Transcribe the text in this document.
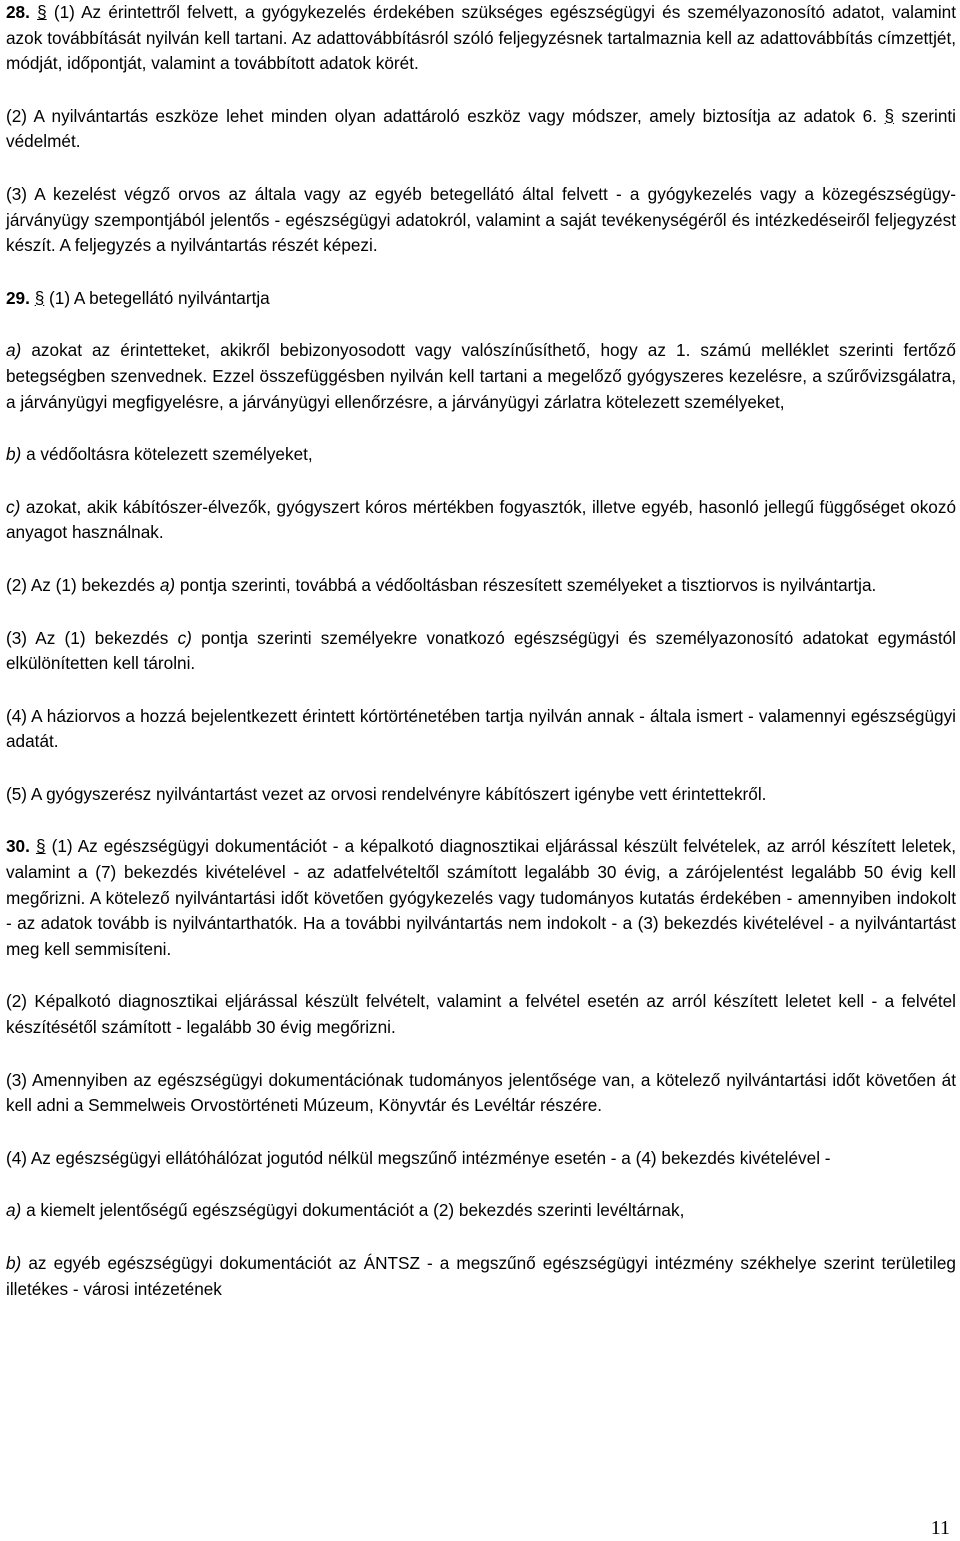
28. § (1) Az érintettről felvett, a gyógykezelés érdekében szükséges egészségügyi és személyazonosító adatot, valamint azok továbbítását nyilván kell tartani. Az adattovábbításról szóló feljegyzésnek tartalmaznia kell az adattovábbítás címzettjét, módját, időpontját, valamint a továbbított adatok körét.

(2) A nyilvántartás eszköze lehet minden olyan adattároló eszköz vagy módszer, amely biztosítja az adatok 6. § szerinti védelmét.

(3) A kezelést végző orvos az általa vagy az egyéb betegellátó által felvett - a gyógykezelés vagy a közegészségügy-járványügy szempontjából jelentős - egészségügyi adatokról, valamint a saját tevékenységéről és intézkedéseiről feljegyzést készít. A feljegyzés a nyilvántartás részét képezi.

29. § (1) A betegellátó nyilvántartja

a) azokat az érintetteket, akikről bebizonyosodott vagy valószínűsíthető, hogy az 1. számú melléklet szerinti fertőző betegségben szenvednek. Ezzel összefüggésben nyilván kell tartani a megelőző gyógyszeres kezelésre, a szűrővizsgálatra, a járványügyi megfigyelésre, a járványügyi ellenőrzésre, a járványügyi zárlatra kötelezett személyeket,

b) a védőoltásra kötelezett személyeket,

c) azokat, akik kábítószer-élvezők, gyógyszert kóros mértékben fogyasztók, illetve egyéb, hasonló jellegű függőséget okozó anyagot használnak.

(2) Az (1) bekezdés a) pontja szerinti, továbbá a védőoltásban részesített személyeket a tisztiorvos is nyilvántartja.

(3) Az (1) bekezdés c) pontja szerinti személyekre vonatkozó egészségügyi és személyazonosító adatokat egymástól elkülönítetten kell tárolni.

(4) A háziorvos a hozzá bejelentkezett érintett kórtörténetében tartja nyilván annak - általa ismert - valamennyi egészségügyi adatát.

(5) A gyógyszerész nyilvántartást vezet az orvosi rendelvényre kábítószert igénybe vett érintettekről.

30. § (1) Az egészségügyi dokumentációt - a képalkotó diagnosztikai eljárással készült felvételek, az arról készített leletek, valamint a (7) bekezdés kivételével - az adatfelvételtől számított legalább 30 évig, a zárójelentést legalább 50 évig kell megőrizni. A kötelező nyilvántartási időt követően gyógykezelés vagy tudományos kutatás érdekében - amennyiben indokolt - az adatok tovább is nyilvántarthatók. Ha a további nyilvántartás nem indokolt - a (3) bekezdés kivételével - a nyilvántartást meg kell semmisíteni.

(2) Képalkotó diagnosztikai eljárással készült felvételt, valamint a felvétel esetén az arról készített leletet kell - a felvétel készítésétől számított - legalább 30 évig megőrizni.

(3) Amennyiben az egészségügyi dokumentációnak tudományos jelentősége van, a kötelező nyilvántartási időt követően át kell adni a Semmelweis Orvostörténeti Múzeum, Könyvtár és Levéltár részére.

(4) Az egészségügyi ellátóhálózat jogutód nélkül megszűnő intézménye esetén - a (4) bekezdés kivételével -

a) a kiemelt jelentőségű egészségügyi dokumentációt a (2) bekezdés szerinti levéltárnak,

b) az egyéb egészségügyi dokumentációt az ÁNTSZ - a megszűnő egészségügyi intézmény székhelye szerint területileg illetékes - városi intézetének

11
